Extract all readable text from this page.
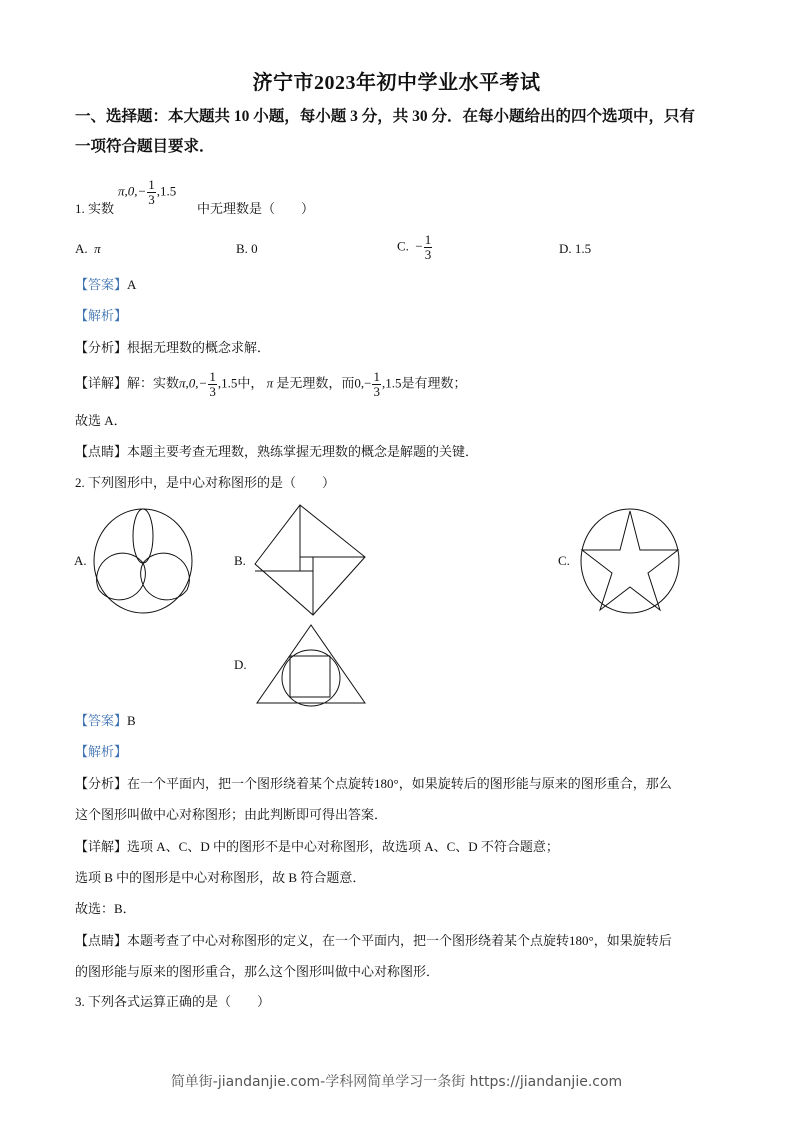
济宁市2023年初中学业水平考试
一、选择题：本大题共 10 小题，每小题 3 分，共 30 分．在每小题给出的四个选项中，只有
一项符合题目要求．
1. 实数
$\pi,0,- \frac{1}{3} ,1.5$
中无理数是（　　）
A. π	B. 0	C. − $\frac{1}{3}$	D. 1.5
【答案】A
【解析】
【分析】根据无理数的概念求解．
【详解】解：实数$\pi,0,- \frac{1}{3} ,1.5$中， π 是无理数，而$0,- \frac{1}{3} ,1.5$是有理数；
故选 A．
【点睛】本题主要考查无理数，熟练掌握无理数的概念是解题的关键．
2. 下列图形中，是中心对称图形的是（　　）
A.	B.	C.
D.
【答案】B
【解析】
【分析】在一个平面内，把一个图形绕着某个点旋转180°，如果旋转后的图形能与原来的图形重合，那么
这个图形叫做中心对称图形；由此判断即可得出答案．
【详解】选项 A、C、D 中的图形不是中心对称图形，故选项 A、C、D 不符合题意；
选项 B 中的图形是中心对称图形，故 B 符合题意．
故选：B．
【点睛】本题考查了中心对称图形的定义，在一个平面内，把一个图形绕着某个点旋转180°，如果旋转后
的图形能与原来的图形重合，那么这个图形叫做中心对称图形．
3. 下列各式运算正确的是（　　）
简单街-jiandanjie.com-学科网简单学习一条街 https://jiandanjie.com
